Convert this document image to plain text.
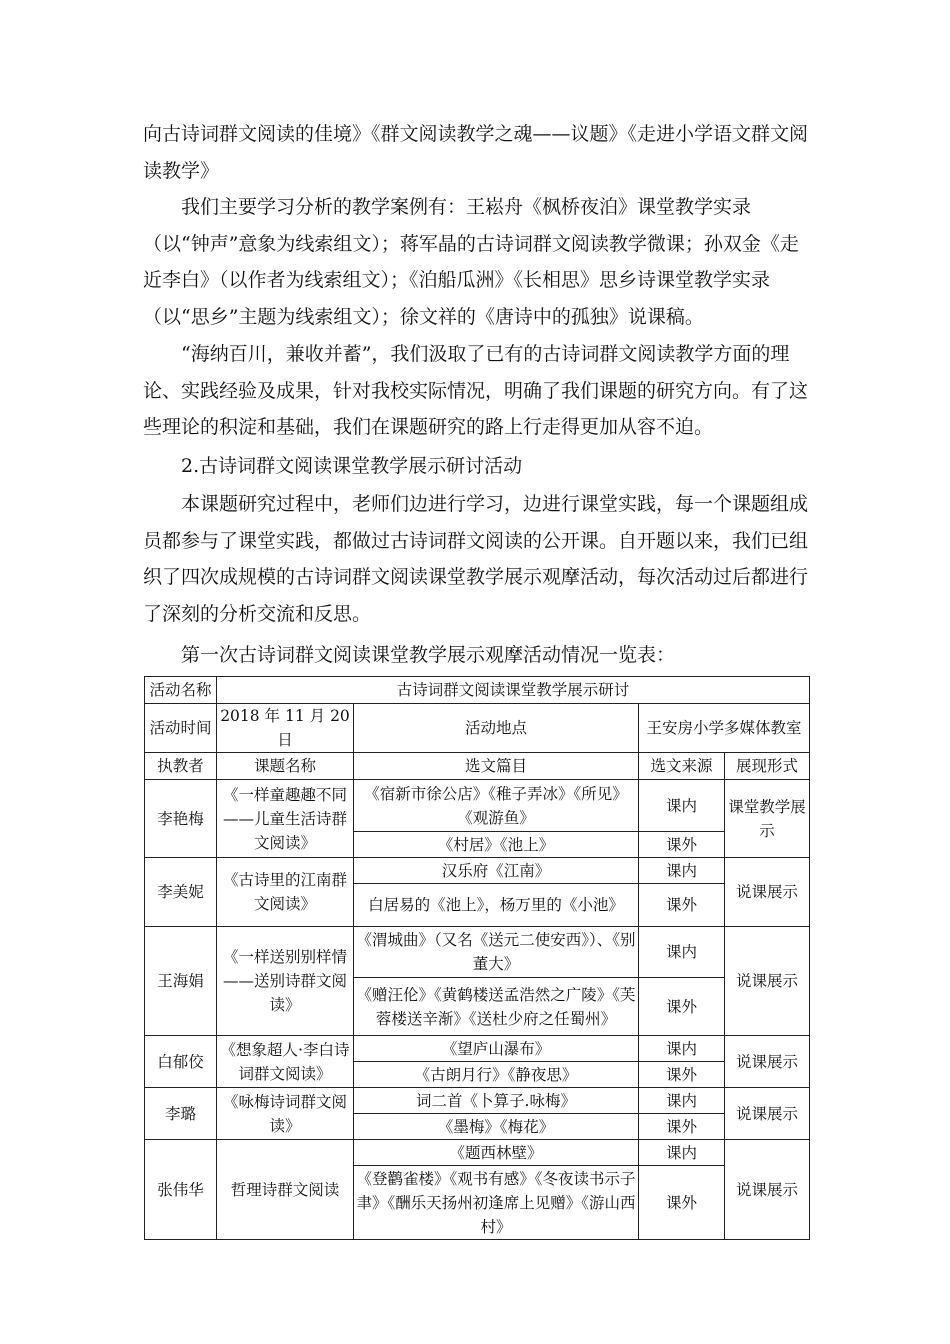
向古诗词群文阅读的佳境》《群文阅读教学之魂——议题》《走进小学语文群文阅读教学》

我们主要学习分析的教学案例有：王崧舟《枫桥夜泊》课堂教学实录（以“钟声”意象为线索组文）；蒋军晶的古诗词群文阅读教学微课；孙双金《走近李白》（以作者为线索组文）；《泊船瓜洲》《长相思》思乡诗课堂教学实录（以“思乡”主题为线索组文）；徐文祥的《唐诗中的孤独》说课稿。

“海纳百川，兼收并蓄”，我们汲取了已有的古诗词群文阅读教学方面的理论、实践经验及成果，针对我校实际情况，明确了我们课题的研究方向。有了这些理论的积淀和基础，我们在课题研究的路上行走得更加从容不迫。

2.古诗词群文阅读课堂教学展示研讨活动

本课题研究过程中，老师们边进行学习，边进行课堂实践，每一个课题组成员都参与了课堂实践，都做过古诗词群文阅读的公开课。自开题以来，我们已组织了四次成规模的古诗词群文阅读课堂教学展示观摩活动，每次活动过后都进行了深刻的分析交流和反思。

第一次古诗词群文阅读课堂教学展示观摩活动情况一览表：

活动名称	古诗词群文阅读课堂教学展示研讨			
活动时间	2018 年 11 月 20 日	活动地点	王安房小学多媒体教室	
执教者	课题名称	选文篇目	选文来源	展现形式
李艳梅	《一样童趣趣不同——儿童生活诗群文阅读》	《宿新市徐公店》《稚子弄冰》《所见》《观游鱼》	课内	课堂教学展示
		《村居》《池上》	课外	
李美妮	《古诗里的江南群文阅读》	汉乐府《江南》	课内	说课展示
		白居易的《池上》，杨万里的《小池》	课外	
王海娟	《一样送别别样情——送别诗群文阅读》	《渭城曲》（又名《送元二使安西》）、《别董大》	课内	说课展示
		《赠汪伦》《黄鹤楼送孟浩然之广陵》《芙蓉楼送辛渐》《送杜少府之任蜀州》	课外	
白郁佼	《想象超人·李白诗词群文阅读》	《望庐山瀑布》	课内	说课展示
		《古朗月行》《静夜思》	课外	
李璐	《咏梅诗词群文阅读》	词二首《卜算子.咏梅》	课内	说课展示
		《墨梅》《梅花》	课外	
张伟华	哲理诗群文阅读	《题西林壁》	课内	说课展示
		《登鹳雀楼》《观书有感》《冬夜读书示子聿》《酬乐天扬州初逢席上见赠》《游山西村》	课外	
